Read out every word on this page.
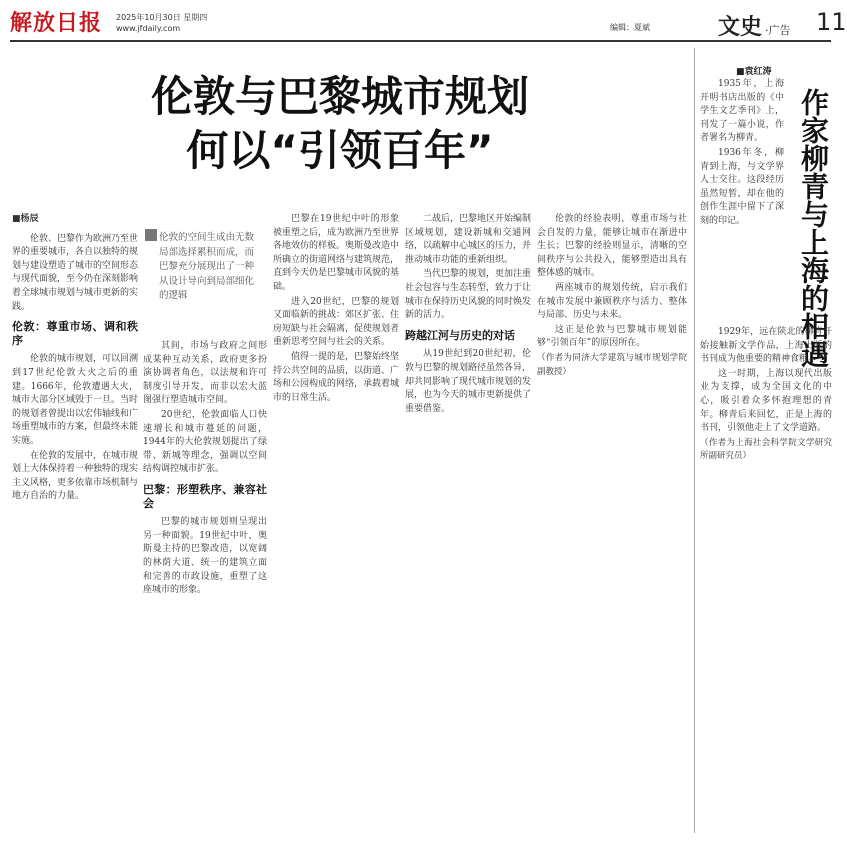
解放日报 2025年10月30日 星期四
www.jfdaily.com	编辑：夏斌	文史 ·广告 11
伦敦与巴黎城市规划
何以“引领百年”
伦敦的空间生成由无数局部选择累积而成，而巴黎充分展现出了一种从设计导向到局部细化的逻辑

■杨辰

伦敦、巴黎作为欧洲乃至世界的重要城市，各自以独特的规划与建设塑造了城市的空间形态与现代面貌，至今仍在深刻影响着全球城市规划与城市更新的实践。

伦敦：尊重市场、调和秩序

伦敦的城市规划，可以回溯到17世纪伦敦大火之后的重建。1666年，伦敦遭遇大火，城市大部分区域毁于一旦。当时的规划者曾提出以宏伟轴线和广场重塑城市的方案，但最终未能实施。

在伦敦的发展中，在城市规划上大体保持着一种独特的现实主义风格，更多依靠市场机制与地方自治的力量。

其间，市场与政府之间形成某种互动关系，政府更多扮演协调者角色，以法规和许可制度引导开发，而非以宏大蓝图强行塑造城市空间。

20世纪，伦敦面临人口快速增长和城市蔓延的问题，1944年的大伦敦规划提出了绿带、新城等理念，强调以空间结构调控城市扩张。

巴黎：形塑秩序、兼容社会

巴黎的城市规划则呈现出另一种面貌。19世纪中叶，奥斯曼主持的巴黎改造，以宽阔的林荫大道、统一的建筑立面和完善的市政设施，重塑了这座城市的形象。

巴黎在19世纪中叶的形象被重塑之后，成为欧洲乃至世界各地效仿的样板。奥斯曼改造中所确立的街道网络与建筑规范，直到今天仍是巴黎城市风貌的基础。

进入20世纪，巴黎的规划又面临新的挑战：郊区扩张、住房短缺与社会隔离，促使规划者重新思考空间与社会的关系。

值得一提的是，巴黎始终坚持公共空间的品质，以街道、广场和公园构成的网络，承载着城市的日常生活。

二战后，巴黎地区开始编制区域规划，建设新城和交通网络，以疏解中心城区的压力，并推动城市功能的重新组织。

当代巴黎的规划，更加注重社会包容与生态转型，致力于让城市在保持历史风貌的同时焕发新的活力。

跨越江河与历史的对话

从19世纪到20世纪初，伦敦与巴黎的规划路径虽然各异，却共同影响了现代城市规划的发展，也为今天的城市更新提供了重要借鉴。

伦敦的经验表明，尊重市场与社会自发的力量，能够让城市在渐进中生长；巴黎的经验则显示，清晰的空间秩序与公共投入，能够塑造出具有整体感的城市。

两座城市的规划传统，启示我们在城市发展中兼顾秩序与活力、整体与局部、历史与未来。

这正是伦敦与巴黎城市规划能够“引领百年”的原因所在。

（作者为同济大学建筑与城市规划学院副教授）

作家柳青与上海的相遇
■袁红涛

1935年，上海开明书店出版的《中学生文艺季刊》上，刊发了一篇小说，作者署名为柳青。

1936年冬，柳青到上海，与文学界人士交往。这段经历虽然短暂，却在他的创作生涯中留下了深刻的印记。

1929年，远在陕北的柳青开始接触新文学作品，上海出版的书刊成为他重要的精神食粮。

这一时期，上海以现代出版业为支撑，成为全国文化的中心，吸引着众多怀抱理想的青年。柳青后来回忆，正是上海的书刊，引领他走上了文学道路。

（作者为上海社会科学院文学研究所副研究员）
